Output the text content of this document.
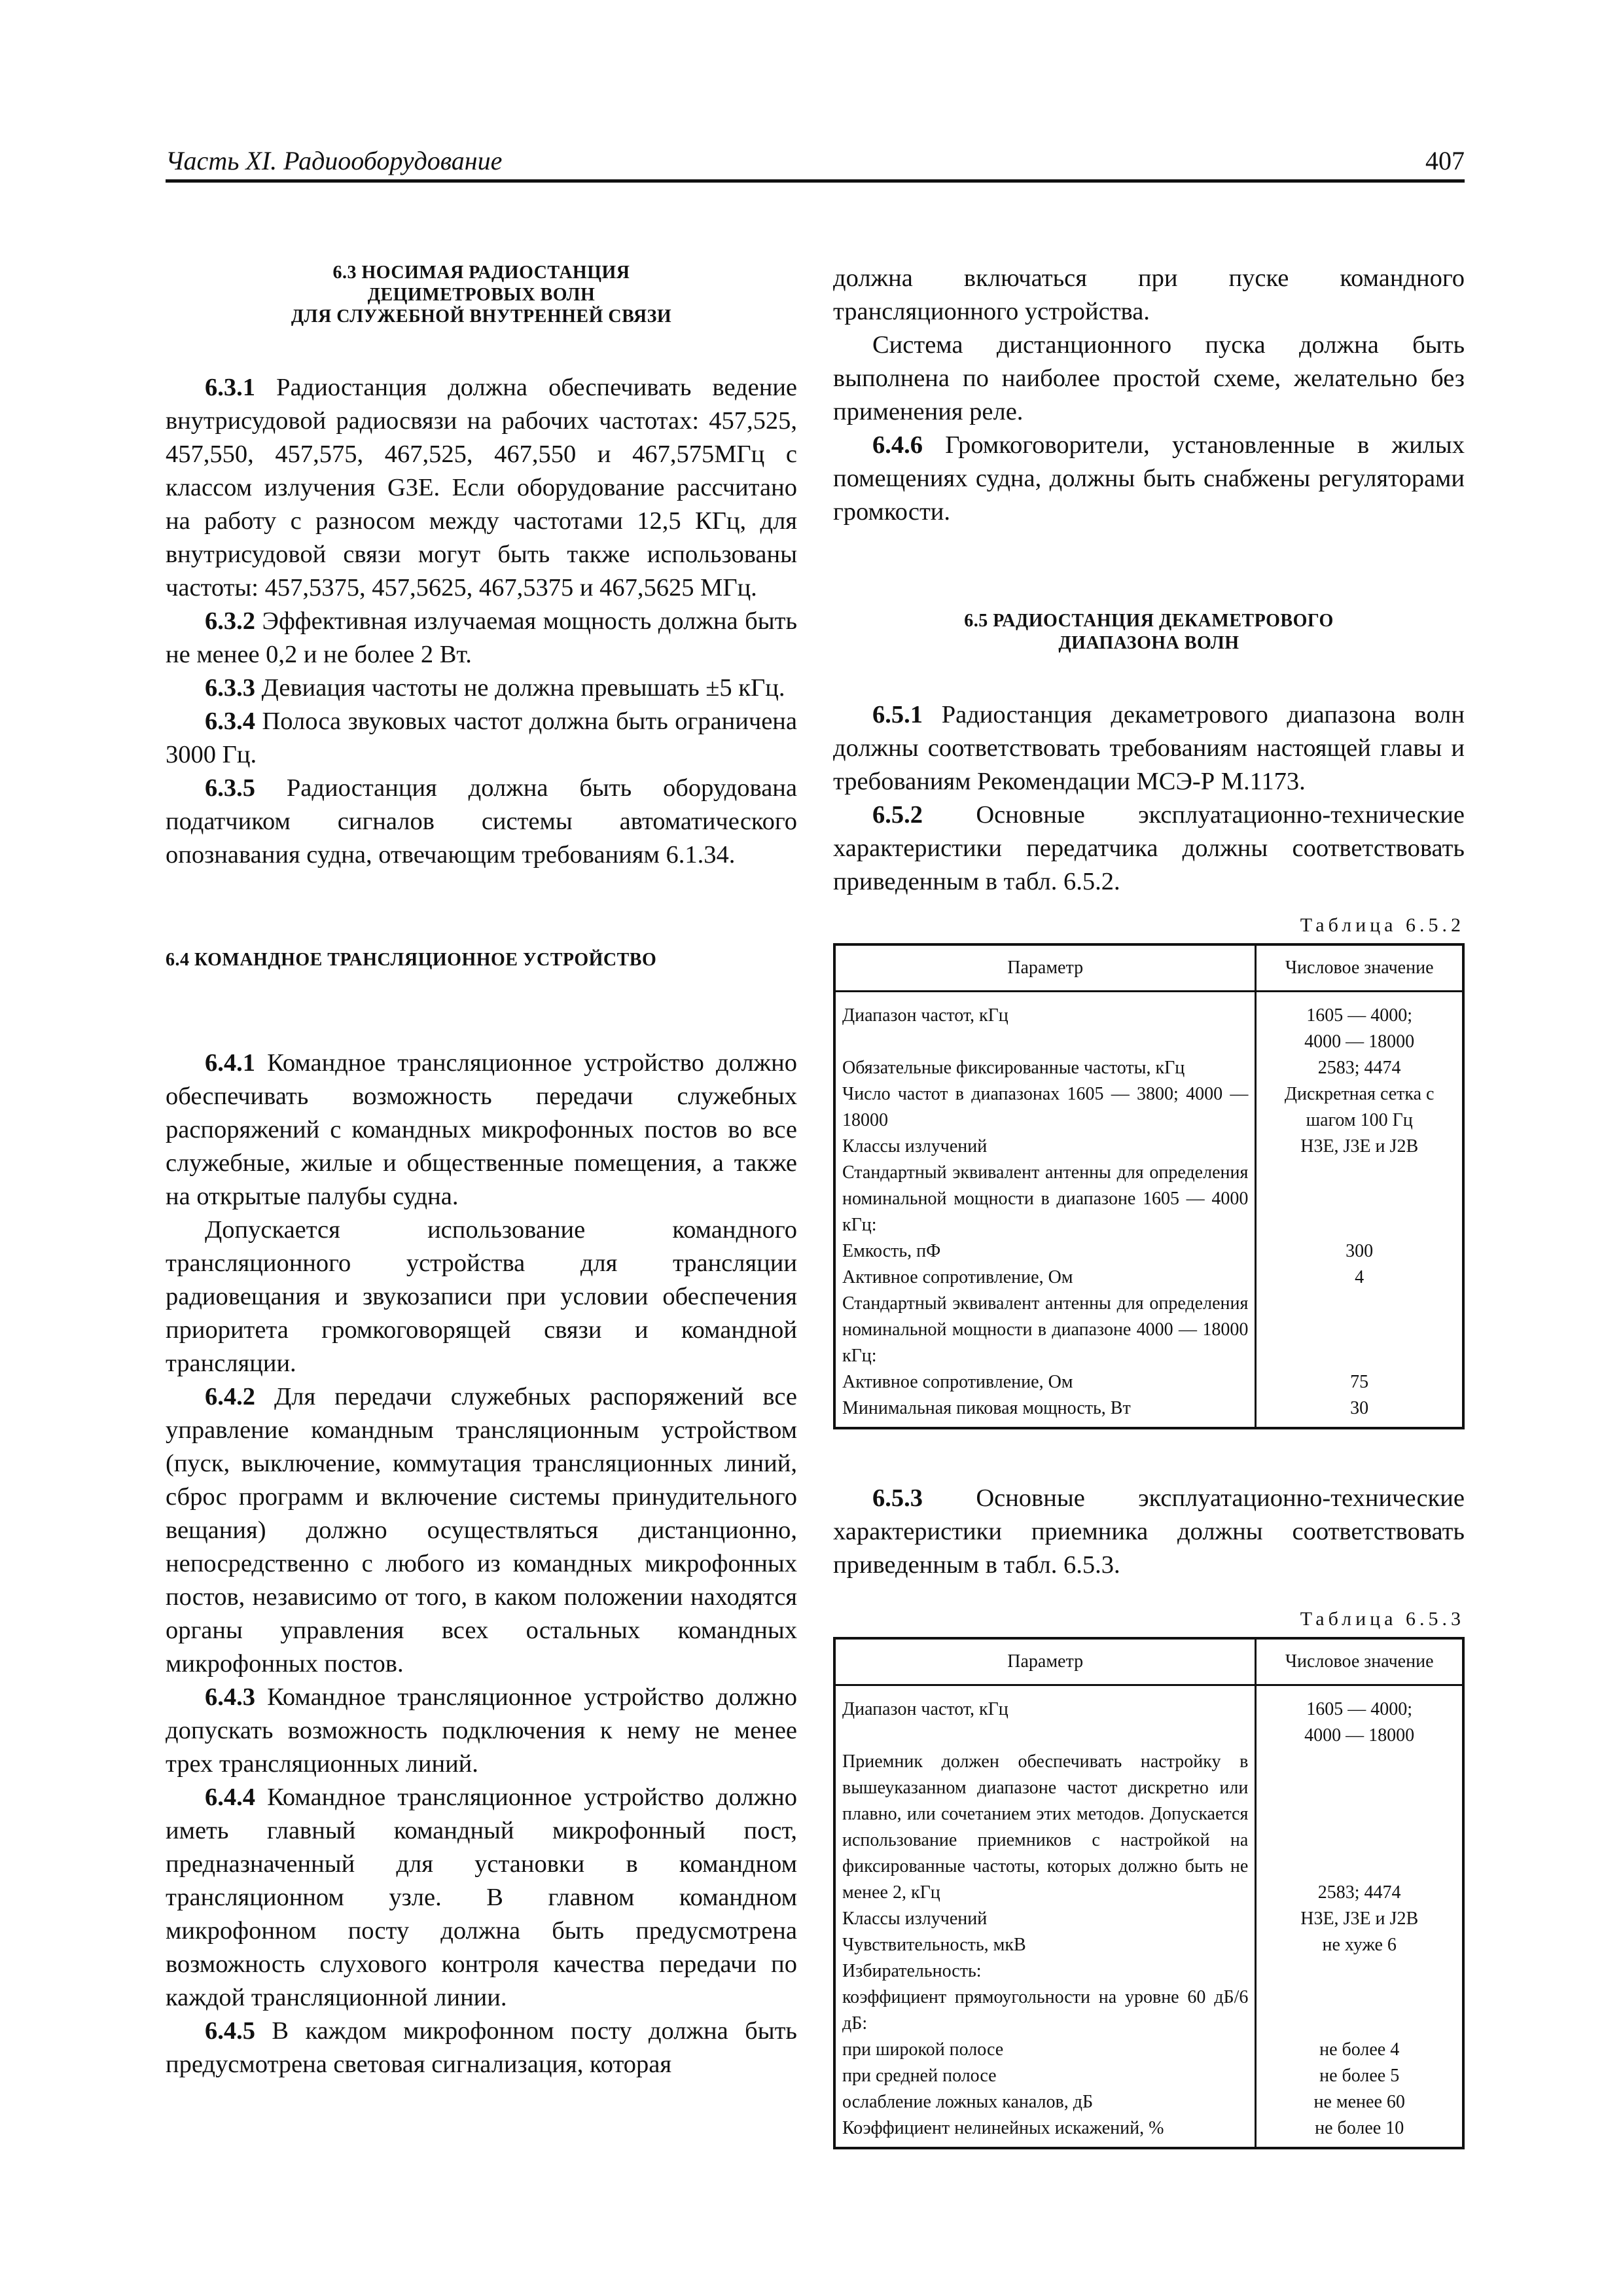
Часть XI. Радиооборудование	407
6.3 НОСИМАЯ РАДИОСТАНЦИЯ
ДЕЦИМЕТРОВЫХ ВОЛН
ДЛЯ СЛУЖЕБНОЙ ВНУТРЕННЕЙ СВЯЗИ

6.3.1 Радиостанция должна обеспечивать ведение внутрисудовой радиосвязи на рабочих частотах: 457,525, 457,550, 457,575, 467,525, 467,550 и 467,575МГц с классом излучения G3E. Если оборудование рассчитано на работу с разносом между частотами 12,5 КГц, для внутрисудовой связи могут быть также использованы частоты: 457,5375, 457,5625, 467,5375 и 467,5625 МГц.

6.3.2 Эффективная излучаемая мощность должна быть не менее 0,2 и не более 2 Вт.

6.3.3 Девиация частоты не должна превышать ±5 кГц.

6.3.4 Полоса звуковых частот должна быть ограничена 3000 Гц.

6.3.5 Радиостанция должна быть оборудована податчиком сигналов системы автоматического опознавания судна, отвечающим требованиям 6.1.34.

6.4 КОМАНДНОЕ ТРАНСЛЯЦИОННОЕ УСТРОЙСТВО

6.4.1 Командное трансляционное устройство должно обеспечивать возможность передачи служебных распоряжений с командных микрофонных постов во все служебные, жилые и общественные помещения, а также на открытые палубы судна.

Допускается использование командного трансляционного устройства для трансляции радиовещания и звукозаписи при условии обеспечения приоритета громкоговорящей связи и командной трансляции.

6.4.2 Для передачи служебных распоряжений все управление командным трансляционным устройством (пуск, выключение, коммутация трансляционных линий, сброс программ и включение системы принудительного вещания) должно осуществляться дистанционно, непосредственно с любого из командных микрофонных постов, независимо от того, в каком положении находятся органы управления всех остальных командных микрофонных постов.

6.4.3 Командное трансляционное устройство должно допускать возможность подключения к нему не менее трех трансляционных линий.

6.4.4 Командное трансляционное устройство должно иметь главный командный микрофонный пост, предназначенный для установки в командном трансляционном узле. В главном командном микрофонном посту должна быть предусмотрена возможность слухового контроля качества передачи по каждой трансляционной линии.

6.4.5 В каждом микрофонном посту должна быть предусмотрена световая сигнализация, которая

должна включаться при пуске командного трансляционного устройства.

Система дистанционного пуска должна быть выполнена по наиболее простой схеме, желательно без применения реле.

6.4.6 Громкоговорители, установленные в жилых помещениях судна, должны быть снабжены регуляторами громкости.

6.5 РАДИОСТАНЦИЯ ДЕКАМЕТРОВОГО
ДИАПАЗОНА ВОЛН

6.5.1 Радиостанция декаметрового диапазона волн должны соответствовать требованиям настоящей главы и требованиям Рекомендации МСЭ-Р М.1173.

6.5.2 Основные эксплуатационно-технические характеристики передатчика должны соответствовать приведенным в табл. 6.5.2.

Таблица 6.5.2

Параметр	Числовое значение
Диапазон частот, кГц	1605 — 4000;
	4000 — 18000
Обязательные фиксированные частоты, кГц	2583; 4474
Число частот в диапазонах 1605 — 3800; 4000 — 18000	Дискретная сетка с шагом 100 Гц
Классы излучений	H3E, J3E и J2B
Стандартный эквивалент антенны для определения номинальной мощности в диапазоне 1605 — 4000 кГц:	
Емкость, пФ	300
Активное сопротивление, Ом	4
Стандартный эквивалент антенны для определения номинальной мощности в диапазоне 4000 — 18000 кГц:	
Активное сопротивление, Ом	75
Минимальная пиковая мощность, Вт	30

6.5.3 Основные эксплуатационно-технические характеристики приемника должны соответствовать приведенным в табл. 6.5.3.

Таблица 6.5.3

Параметр	Числовое значение
Диапазон частот, кГц	1605 — 4000;
	4000 — 18000
Приемник должен обеспечивать настройку в вышеуказанном диапазоне частот дискретно или плавно, или сочетанием этих методов. Допускается использование приемников с настройкой на фиксированные частоты, которых должно быть не менее 2, кГц	2583; 4474
Классы излучений	H3E, J3E и J2B
Чувствительность, мкВ	не хуже 6
Избирательность:	
коэффициент прямоугольности на уровне 60 дБ/6 дБ:	
при широкой полосе	не более 4
при средней полосе	не более 5
ослабление ложных каналов, дБ	не менее 60
Коэффициент нелинейных искажений, %	не более 10
